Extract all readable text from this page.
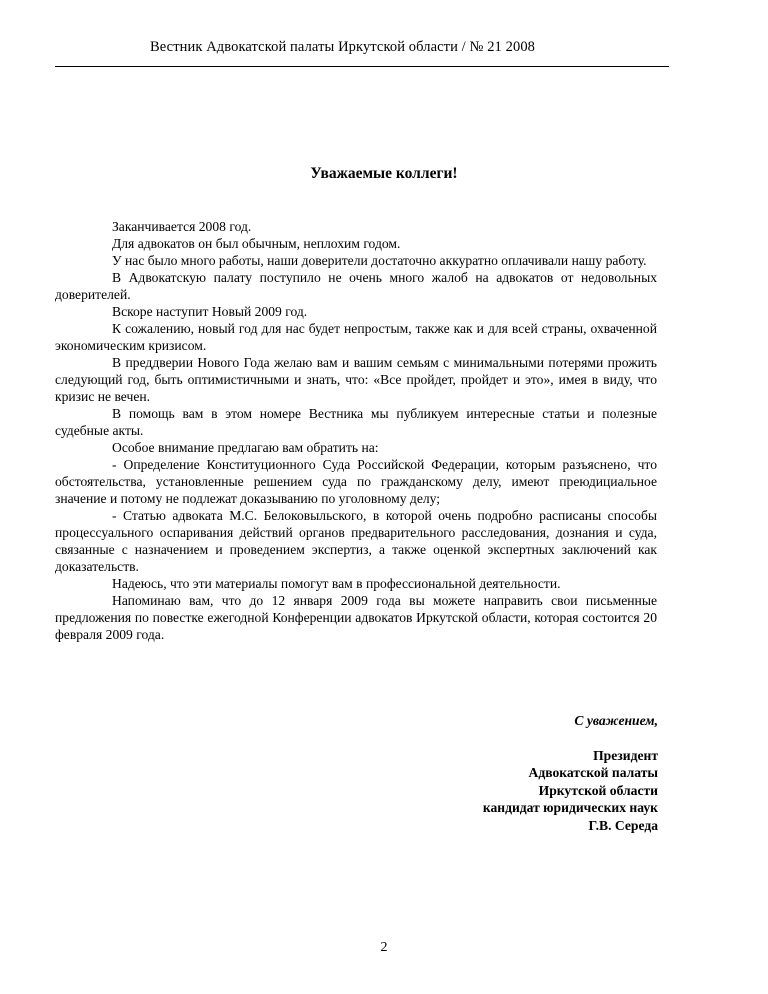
Вестник Адвокатской палаты Иркутской области / № 21 2008
Уважаемые коллеги!

Заканчивается 2008 год.

Для адвокатов он был обычным, неплохим годом.

У нас было много работы, наши доверители достаточно аккуратно оплачивали нашу работу.

В Адвокатскую палату поступило не очень много жалоб на адвокатов от недовольных доверителей.

Вскоре наступит Новый 2009 год.

К сожалению, новый год для нас будет непростым, также как и для всей страны, охваченной экономическим кризисом.

В преддверии Нового Года желаю вам и вашим семьям с минимальными потерями прожить следующий год, быть оптимистичными и знать, что: «Все пройдет, пройдет и это», имея в виду, что кризис не вечен.

В помощь вам в этом номере Вестника мы публикуем интересные статьи и полезные судебные акты.

Особое внимание предлагаю вам обратить на:

- Определение Конституционного Суда Российской Федерации, которым разъяснено, что обстоятельства, установленные решением суда по гражданскому делу, имеют преюдициальное значение и потому не подлежат доказыванию по уголовному делу;

- Статью адвоката М.С. Белоковыльского, в которой очень подробно расписаны способы процессуального оспаривания действий органов предварительного расследования, дознания и суда, связанные с назначением и проведением экспертиз, а также оценкой экспертных заключений как доказательств.

Надеюсь, что эти материалы помогут вам в профессиональной деятельности.

Напоминаю вам, что до 12 января 2009 года вы можете направить свои письменные предложения по повестке ежегодной Конференции адвокатов Иркутской области, которая состоится 20 февраля 2009 года.

С уважением,
Президент
Адвокатской палаты
Иркутской области
кандидат юридических наук
Г.В. Середа
2
